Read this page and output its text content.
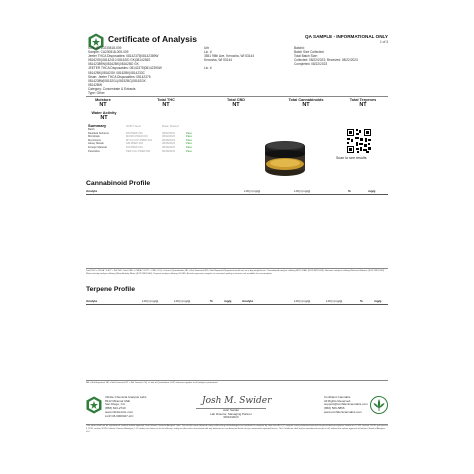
Certificate of Analysis	QA SAMPLE - INFORMATIONAL ONLY
1 of 3
ICAL ID: 20230818-009
Sample: CA230818-005-009
Jeeter THCA Disposables: 08142375|08142389W
08162GK|08142410 08162ID GK|0814236S
08142389W|08162BK|08162BD GK
JEETER THCA Disposables: 08142375|08142390W
08142BK|08162GK 08162BK|0814233C
Strain: Jeeter THCA Disposables: 08142375
0814238W|08152GL|08152BC|08162GK
08142BW
Category: Concentrate & Extracts
Type: Other
Urb
Lic. #
3551 95th Ave, Kenosha, WI 53144
Kenosha, WI 53144
Lic. #
Batch#:
Batch Size Collected:
Total Batch Size:
Collected: 08/22/2023; Received: 08/22/2023
Completed: 08/22/2023
Moisture
NT
Total THC
NT
Total CBD
NT
Total Cannabinoids
NT
Total Terpenes
NT
Water Activity
NT
Summary	SOP Used	Date Tested
Batch
Residual Solvents	RS-PREP-001	08/22/2023	Pass
Microbials	MICRO-PREP-001	08/22/2023	Pass
Mycotoxins	MYCO-ICP-PREP-001	08/18/2023	Pass
Heavy Metals	HM-PREP-001	08/18/2023	Pass
Foreign Material	FM-PREP-001	08/18/2023	Pass
Pesticides	PEST-GC-PREP-001	08/18/2023	Pass
Scan to see results
Cannabinoid Profile
Analyte	LOQ (mg/g)	LOQ (mg/g)	%	mg/g
Total THC = THCA * 0.877 + Δ9-THC; Total CBD = CBDA * 0.877 + CBD; LOQ = Limit of Quantitation; ND = Not Detected; NR = Not Reported; Reported results are on a dry weight basis. Cannabinoid analysis utilizing HPLC-DAD (SOP-INST-005). Moisture analysis utilizing Moisture Balance (SOP-INST-003). Water activity analysis utilizing Water Activity Meter (SOP-INST-004). Terpene analysis utilizing GC-MS. Results represent samples as received; quality assurance not available for consumption.
Terpene Profile
Analyte	LOQ (mg/g)	LOQ (mg/g)	%	mg/g	Analyte	LOQ (mg/g)	LOQ (mg/g)	%	mg/g
NR = Not Reported; ND = Not Detected; NT = Not Tested; LOQ = Limit of Quantitation; SOP reference applies to all analyses performed.
Infinite Chemical Analysis Labs
8312 Miramar Mall
San Diego, CA
(858) 623-2740
www.infiniteCAL.com
Lic# C8-0000047-LIC
Josh M. Swider
Josh Swider
Lab Director, Managing Partner
08/22/2023
Confident Cannabis
All Rights Reserved
support@confidentcannabis.com
(866) 506-5866
www.confidentcannabis.com
This report shall not be reproduced, without written approval, from Infinite Chemical Analysis Labs. Test results were obtained using valid testing methodologies per methods as required by state law. All LQC samples were performed and met the prescribed acceptance criteria in 4 CCR, section 10730, pursuant to 4 CCR, section 10730. Infinite Chemical Analysis, LLC makes no claims as to the efficacy, safety or other risks associated with any detected or non-detected levels of any compounds reported herein. This Certificate shall not be reproduced except in full, without the written approval of Infinite Chemical Analysis, LLC.
